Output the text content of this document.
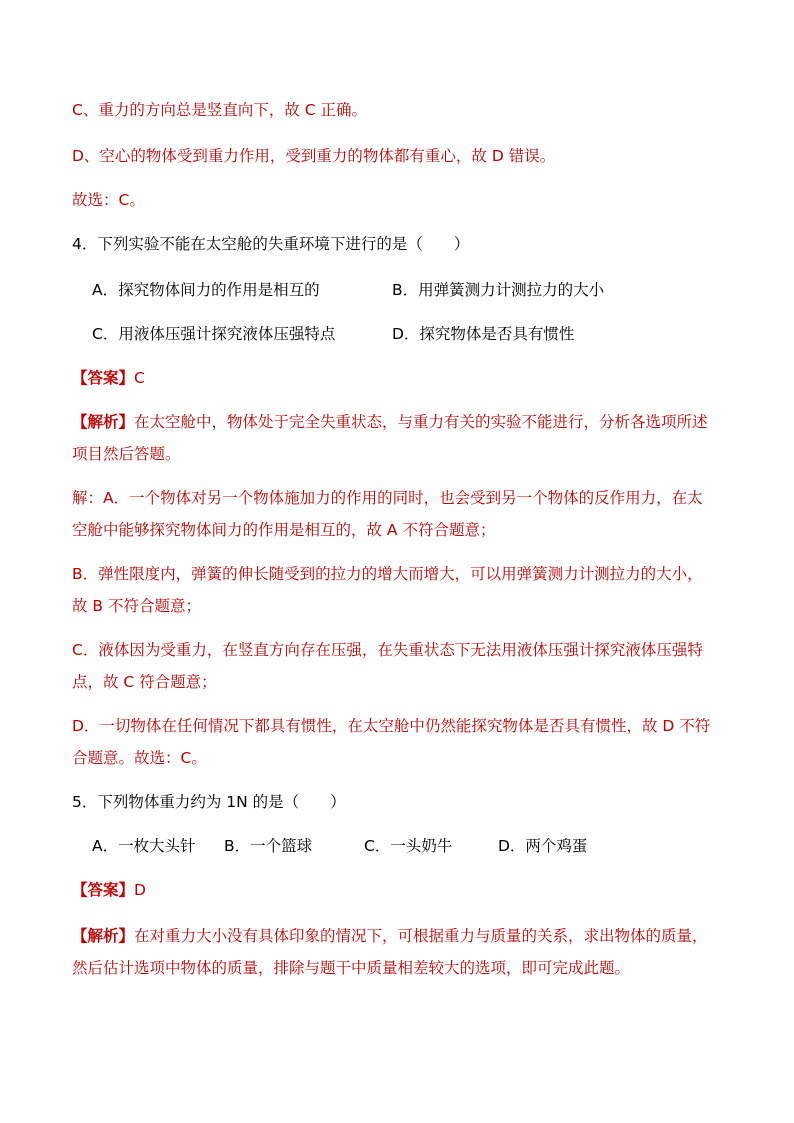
C、重力的方向总是竖直向下，故 C 正确。
D、空心的物体受到重力作用，受到重力的物体都有重心，故 D 错误。
故选：C。
4．下列实验不能在太空舱的失重环境下进行的是（　　）
A．探究物体间力的作用是相互的	B．用弹簧测力计测拉力的大小
C．用液体压强计探究液体压强特点	D．探究物体是否具有惯性
【答案】C
【解析】在太空舱中，物体处于完全失重状态，与重力有关的实验不能进行，分析各选项所述
项目然后答题。
解：A．一个物体对另一个物体施加力的作用的同时，也会受到另一个物体的反作用力，在太
空舱中能够探究物体间力的作用是相互的，故 A 不符合题意；
B．弹性限度内，弹簧的伸长随受到的拉力的增大而增大，可以用弹簧测力计测拉力的大小，
故 B 不符合题意；
C．液体因为受重力，在竖直方向存在压强，在失重状态下无法用液体压强计探究液体压强特
点，故 C 符合题意；
D．一切物体在任何情况下都具有惯性，在太空舱中仍然能探究物体是否具有惯性，故 D 不符
合题意。故选：C。
5．下列物体重力约为 1N 的是（　　）
A．一枚大头针 B．一个篮球	C．一头奶牛	D．两个鸡蛋
【答案】D
【解析】在对重力大小没有具体印象的情况下，可根据重力与质量的关系，求出物体的质量，
然后估计选项中物体的质量，排除与题干中质量相差较大的选项，即可完成此题。
